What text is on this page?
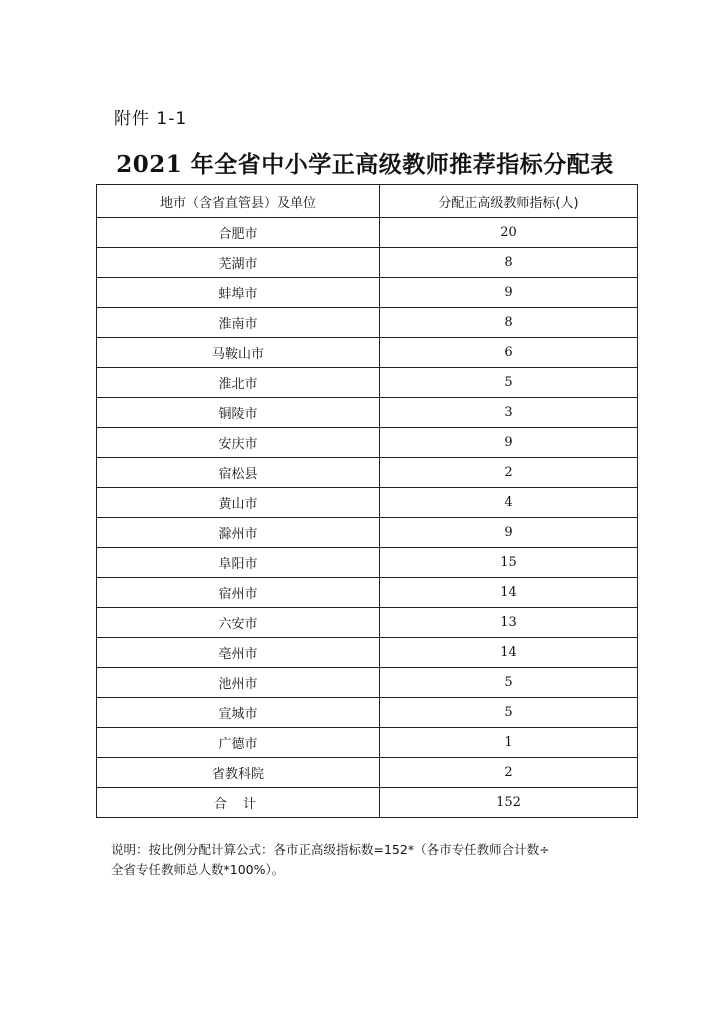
附件 1-1
2021 年全省中小学正高级教师推荐指标分配表
地市（含省直管县）及单位	分配正高级教师指标(人)
合肥市	20
芜湖市	8
蚌埠市	9
淮南市	8
马鞍山市	6
淮北市	5
铜陵市	3
安庆市	9
宿松县	2
黄山市	4
滁州市	9
阜阳市	15
宿州市	14
六安市	13
亳州市	14
池州市	5
宣城市	5
广德市	1
省教科院	2
合 计	152

说明：按比例分配计算公式：各市正高级指标数=152*（各市专任教师合计数÷

全省专任教师总人数*100%）。
